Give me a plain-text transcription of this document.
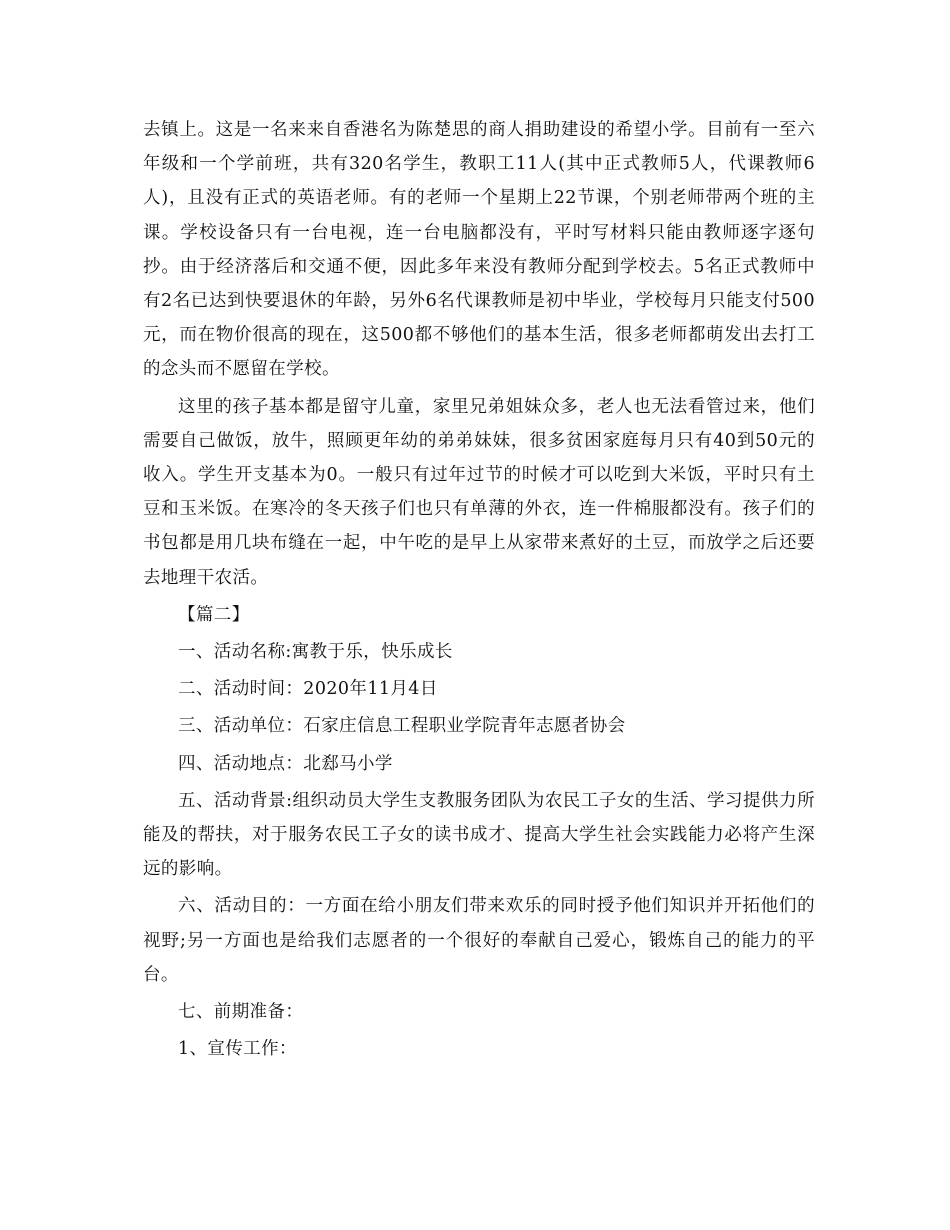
去镇上。这是一名来来自香港名为陈楚思的商人捐助建设的希望小学。目前有一至六年级和一个学前班，共有320名学生，教职工11人(其中正式教师5人，代课教师6人)，且没有正式的英语老师。有的老师一个星期上22节课，个别老师带两个班的主课。学校设备只有一台电视，连一台电脑都没有，平时写材料只能由教师逐字逐句抄。由于经济落后和交通不便，因此多年来没有教师分配到学校去。5名正式教师中有2名已达到快要退休的年龄，另外6名代课教师是初中毕业，学校每月只能支付500元，而在物价很高的现在，这500都不够他们的基本生活，很多老师都萌发出去打工的念头而不愿留在学校。

这里的孩子基本都是留守儿童，家里兄弟姐妹众多，老人也无法看管过来，他们需要自己做饭，放牛，照顾更年幼的弟弟妹妹，很多贫困家庭每月只有40到50元的收入。学生开支基本为0。一般只有过年过节的时候才可以吃到大米饭，平时只有土豆和玉米饭。在寒冷的冬天孩子们也只有单薄的外衣，连一件棉服都没有。孩子们的书包都是用几块布缝在一起，中午吃的是早上从家带来煮好的土豆，而放学之后还要去地理干农活。

【篇二】

一、活动名称:寓教于乐，快乐成长

二、活动时间：2020年11月4日

三、活动单位：石家庄信息工程职业学院青年志愿者协会

四、活动地点：北郄马小学

五、活动背景:组织动员大学生支教服务团队为农民工子女的生活、学习提供力所能及的帮扶，对于服务农民工子女的读书成才、提高大学生社会实践能力必将产生深远的影响。

六、活动目的：一方面在给小朋友们带来欢乐的同时授予他们知识并开拓他们的视野;另一方面也是给我们志愿者的一个很好的奉献自己爱心，锻炼自己的能力的平台。

七、前期准备：

1、宣传工作：
